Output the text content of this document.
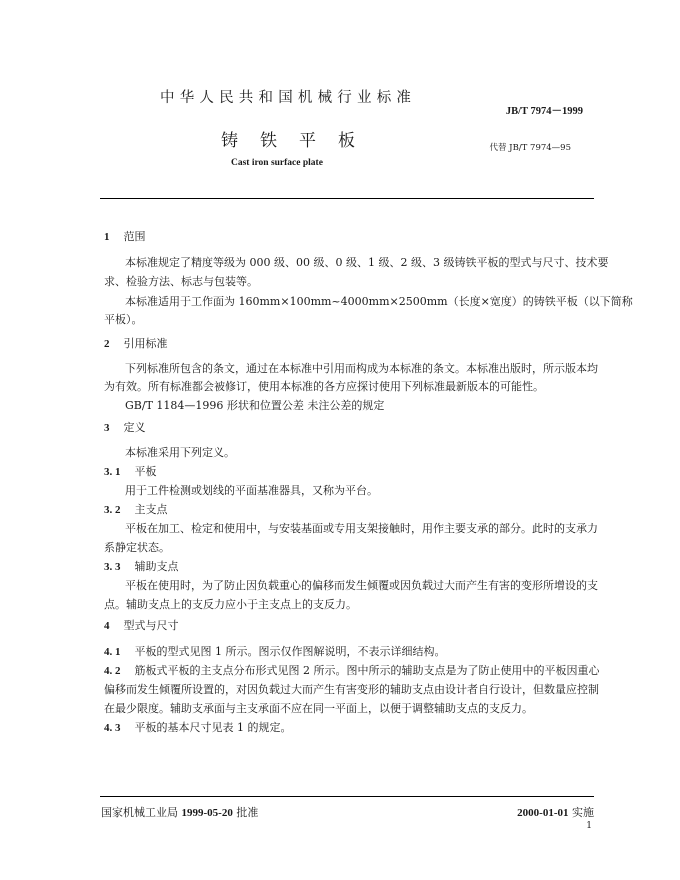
中华人民共和国机械行业标准
JB/T 7974－1999
铸铁平板	代替 JB/T 7974—95
Cast iron surface plate
1 范围
本标准规定了精度等级为 000 级、00 级、0 级、1 级、2 级、3 级铸铁平板的型式与尺寸、技术要
求、检验方法、标志与包装等。
本标准适用于工作面为 160mm×100mm~4000mm×2500mm（长度×宽度）的铸铁平板（以下简称
平板）。
2 引用标准
下列标准所包含的条文，通过在本标准中引用而构成为本标准的条文。本标准出版时，所示版本均
为有效。所有标准都会被修订，使用本标准的各方应探讨使用下列标准最新版本的可能性。
GB/T 1184—1996 形状和位置公差 未注公差的规定
3 定义
本标准采用下列定义。
3. 1 平板
用于工件检测或划线的平面基准器具，又称为平台。
3. 2 主支点
平板在加工、检定和使用中，与安装基面或专用支架接触时，用作主要支承的部分。此时的支承力
系静定状态。
3. 3 辅助支点
平板在使用时，为了防止因负载重心的偏移而发生倾覆或因负载过大而产生有害的变形所增设的支
点。辅助支点上的支反力应小于主支点上的支反力。
4 型式与尺寸
4. 1 平板的型式见图 1 所示。图示仅作图解说明，不表示详细结构。
4. 2 筋板式平板的主支点分布形式见图 2 所示。图中所示的辅助支点是为了防止使用中的平板因重心
偏移而发生倾覆所设置的，对因负载过大而产生有害变形的辅助支点由设计者自行设计，但数量应控制
在最少限度。辅助支承面与主支承面不应在同一平面上，以便于调整辅助支点的支反力。
4. 3 平板的基本尺寸见表 1 的规定。
国家机械工业局 1999-05-20 批准	2000-01-01 实施
1
